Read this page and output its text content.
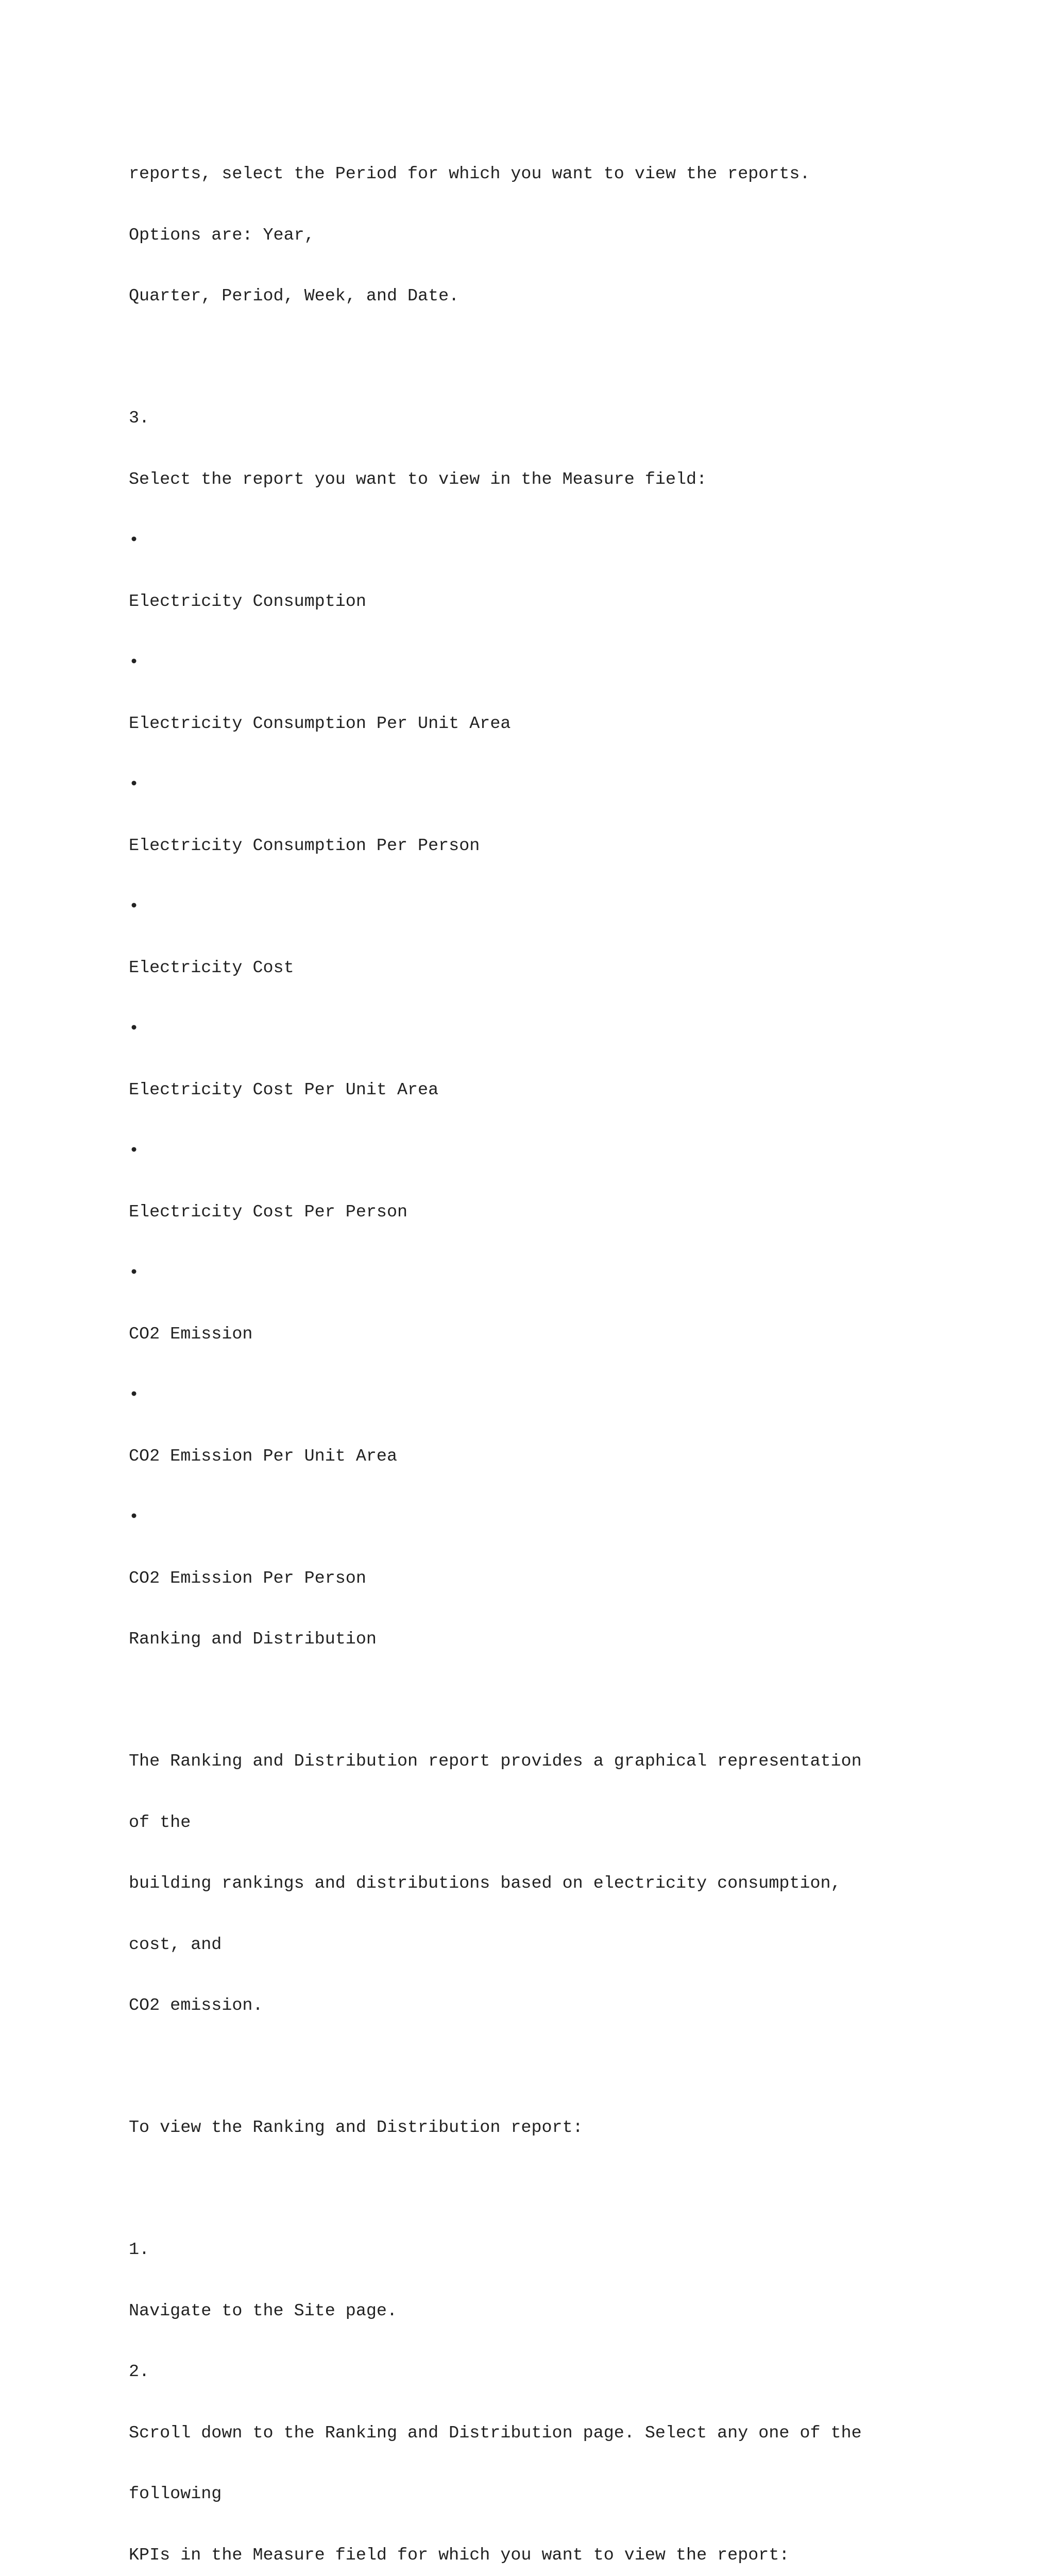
reports, select the Period for which you want to view the reports.

Options are: Year,

Quarter, Period, Week, and Date.

3.

Select the report you want to view in the Measure field:

•

Electricity Consumption

•

Electricity Consumption Per Unit Area

•

Electricity Consumption Per Person

•

Electricity Cost

•

Electricity Cost Per Unit Area

•

Electricity Cost Per Person

•

CO2 Emission

•

CO2 Emission Per Unit Area

•

CO2 Emission Per Person

Ranking and Distribution

The Ranking and Distribution report provides a graphical representation

of the

building rankings and distributions based on electricity consumption,

cost, and

CO2 emission.

To view the Ranking and Distribution report:

1.

Navigate to the Site page.

2.

Scroll down to the Ranking and Distribution page. Select any one of the

following

KPIs in the Measure field for which you want to view the report:
